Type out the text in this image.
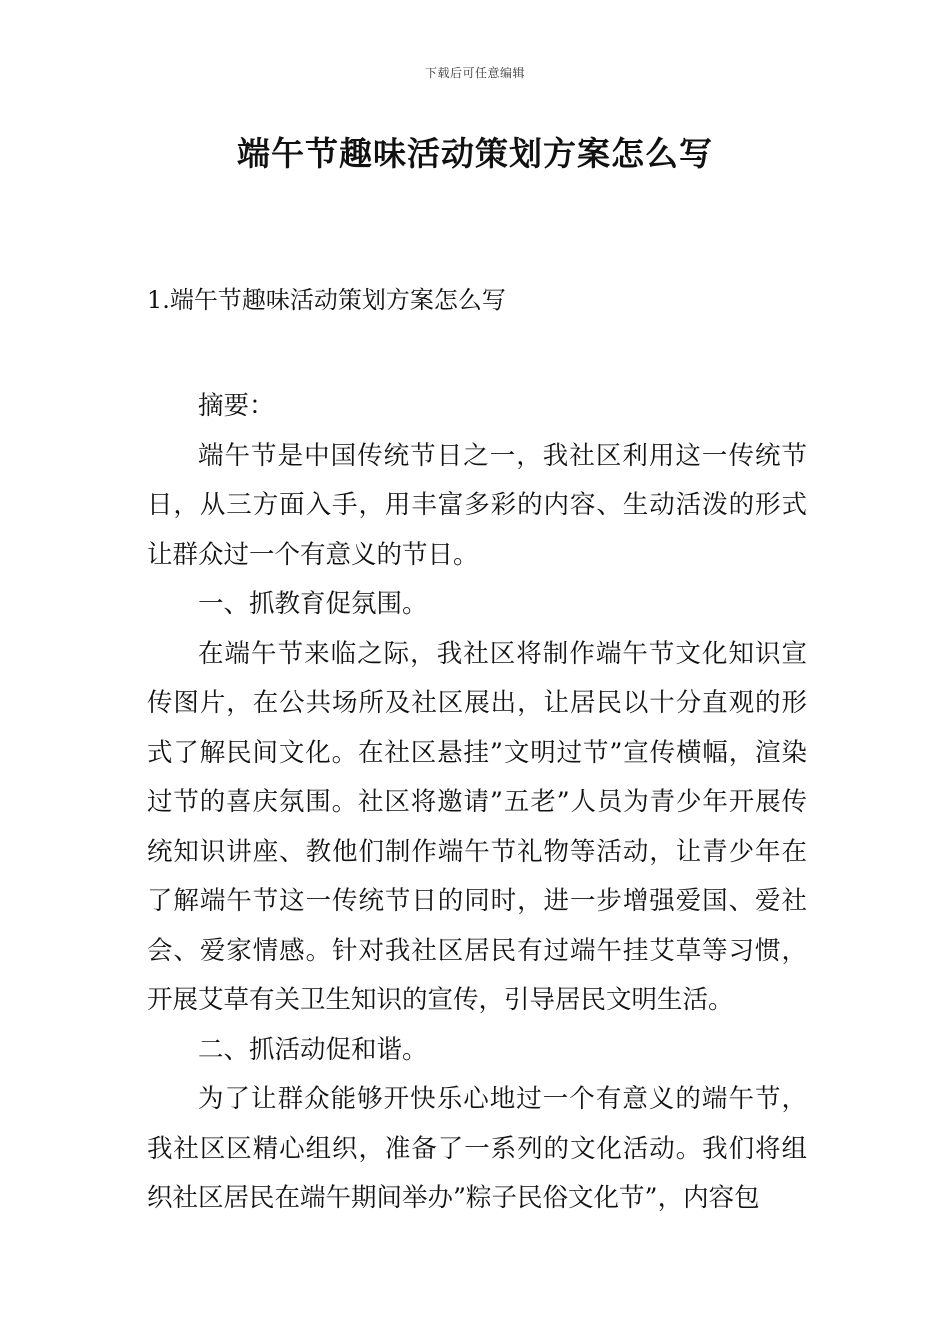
下载后可任意编辑
端午节趣味活动策划方案怎么写

1.端午节趣味活动策划方案怎么写

摘要：

端午节是中国传统节日之一，我社区利用这一传统节日，从三方面入手，用丰富多彩的内容、生动活泼的形式让群众过一个有意义的节日。

一、抓教育促氛围。

在端午节来临之际，我社区将制作端午节文化知识宣传图片，在公共场所及社区展出，让居民以十分直观的形式了解民间文化。在社区悬挂”文明过节”宣传横幅，渲染过节的喜庆氛围。社区将邀请”五老”人员为青少年开展传统知识讲座、教他们制作端午节礼物等活动，让青少年在了解端午节这一传统节日的同时，进一步增强爱国、爱社会、爱家情感。针对我社区居民有过端午挂艾草等习惯，开展艾草有关卫生知识的宣传，引导居民文明生活。

二、抓活动促和谐。

为了让群众能够开快乐心地过一个有意义的端午节，我社区区精心组织，准备了一系列的文化活动。我们将组织社区居民在端午期间举办”粽子民俗文化节”，内容包
